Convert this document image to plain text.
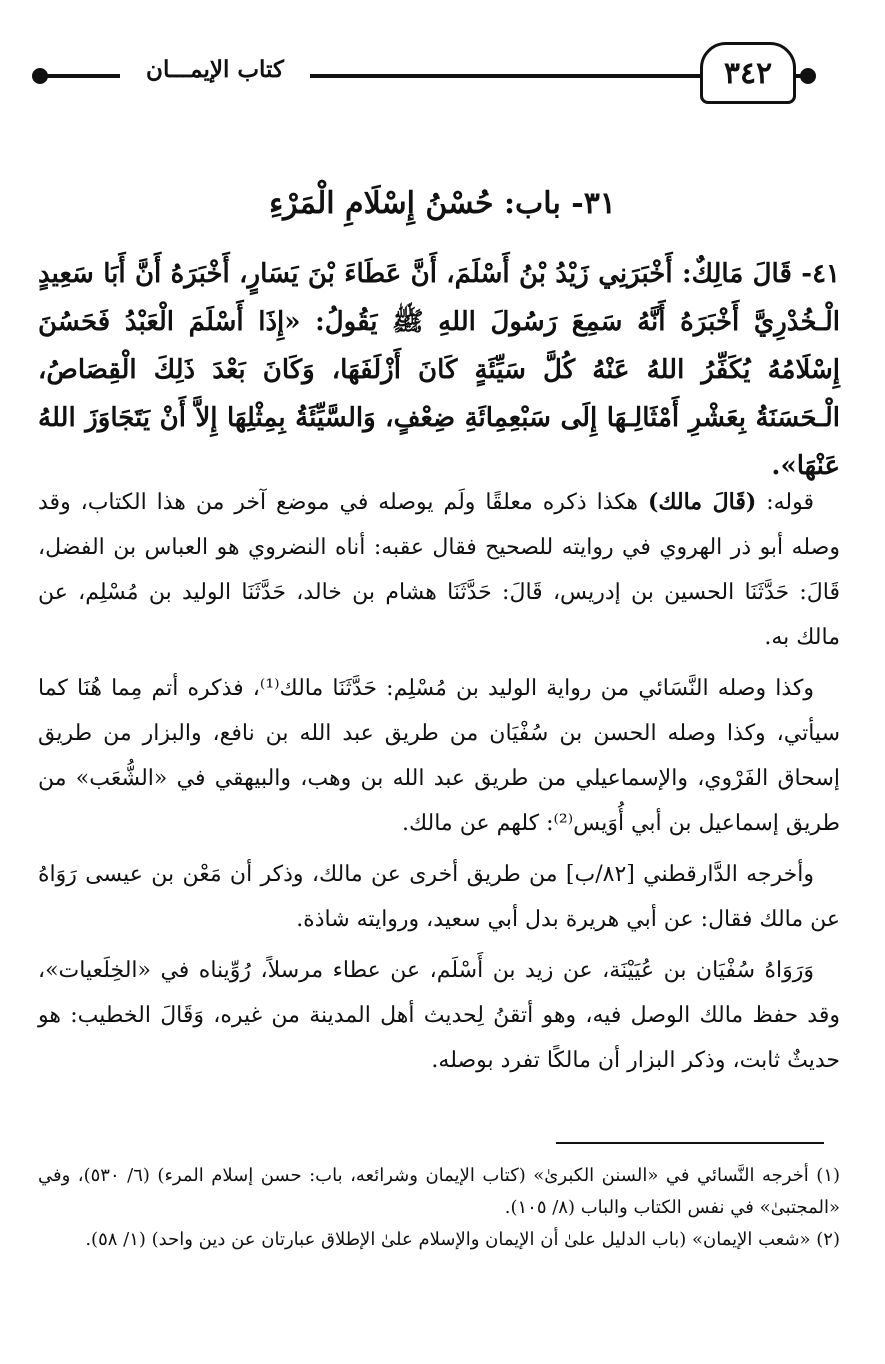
كتاب الإيمـــان	٣٤٢
٣١- باب: حُسْنُ إِسْلَامِ الْمَرْءِ
٤١- قَالَ مَالِكٌ: أَخْبَرَنِي زَيْدُ بْنُ أَسْلَمَ، أَنَّ عَطَاءَ بْنَ يَسَارٍ، أَخْبَرَهُ أَنَّ أَبَا سَعِيدٍ الْـخُدْرِيَّ أَخْبَرَهُ أَنَّهُ سَمِعَ رَسُولَ اللهِ ﷺ يَقُولُ: «إِذَا أَسْلَمَ الْعَبْدُ فَحَسُنَ إِسْلَامُهُ يُكَفِّرُ اللهُ عَنْهُ كُلَّ سَيِّئَةٍ كَانَ أَزْلَفَهَا، وَكَانَ بَعْدَ ذَلِكَ الْقِصَاصُ، الْـحَسَنَةُ بِعَشْرِ أَمْثَالِـهَا إِلَى سَبْعِمِائَةِ ضِعْفٍ، وَالسَّيِّئَةُ بِمِثْلِهَا إِلاَّ أَنْ يَتَجَاوَزَ اللهُ عَنْهَا».

قوله: (قَالَ مالك) هكذا ذكره معلقًا ولَم يوصله في موضع آخر من هذا الكتاب، وقد وصله أبو ذر الهروي في روايته للصحيح فقال عقبه: أناه النضروي هو العباس بن الفضل، قَالَ: حَدَّثَنَا الحسين بن إدريس، قَالَ: حَدَّثَنَا هشام بن خالد، حَدَّثَنَا الوليد بن مُسْلِم، عن مالك به.

وكذا وصله النَّسَائي من رواية الوليد بن مُسْلِم: حَدَّثَنَا مالك⁽¹⁾، فذكره أتم مِما هُنَا كما سيأتي، وكذا وصله الحسن بن سُفْيَان من طريق عبد الله بن نافع، والبزار من طريق إسحاق الفَرْوي، والإسماعيلي من طريق عبد الله بن وهب، والبيهقي في «الشُّعَب» من طريق إسماعيل بن أبي أُوَيس⁽²⁾: كلهم عن مالك.

وأخرجه الدَّارقطني [٨٢/ب] من طريق أخرى عن مالك، وذكر أن مَعْن بن عيسى رَوَاهُ عن مالك فقال: عن أبي هريرة بدل أبي سعيد، وروايته شاذة.

وَرَوَاهُ سُفْيَان بن عُيَيْنَة، عن زيد بن أَسْلَم، عن عطاء مرسلاً، رُوِّيناه في «الخِلَعيات»، وقد حفظ مالك الوصل فيه، وهو أتقنُ لِحديث أهل المدينة من غيره، وَقَالَ الخطيب: هو حديثٌ ثابت، وذكر البزار أن مالكًا تفرد بوصله.

(١) أخرجه النَّسائي في «السنن الكبرىٰ» (كتاب الإيمان وشرائعه، باب: حسن إسلام المرء) (٦/ ٥٣٠)، وفي «المجتبىٰ» في نفس الكتاب والباب (٨/ ١٠٥).

(٢) «شعب الإيمان» (باب الدليل علىٰ أن الإيمان والإسلام علىٰ الإطلاق عبارتان عن دين واحد) (١/ ٥٨).
